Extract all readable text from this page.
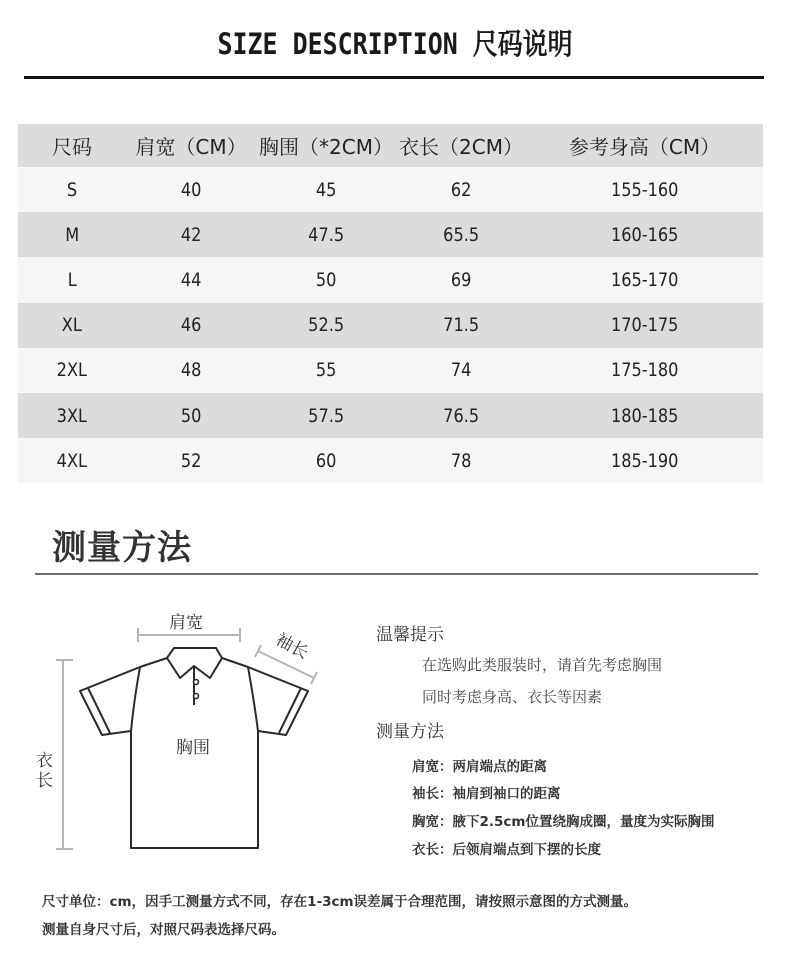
SIZE DESCRIPTION 尺码说明
尺码	肩宽（CM）	胸围（*2CM）	衣长（2CM）	参考身高（CM）
S	40	45	62	155-160
M	42	47.5	65.5	160-165
L	44	50	69	165-170
XL	46	52.5	71.5	170-175
2XL	48	55	74	175-180
3XL	50	57.5	76.5	180-185
4XL	52	60	78	185-190
测量方法
肩宽
袖长
胸围
衣
长
温馨提示
在选购此类服装时，请首先考虑胸围
同时考虑身高、衣长等因素
测量方法
肩宽：两肩端点的距离
袖长：袖肩到袖口的距离
胸宽：腋下2.5cm位置绕胸成圈，量度为实际胸围
衣长：后领肩端点到下摆的长度
尺寸单位：cm，因手工测量方式不同，存在1-3cm误差属于合理范围，请按照示意图的方式测量。
测量自身尺寸后，对照尺码表选择尺码。
